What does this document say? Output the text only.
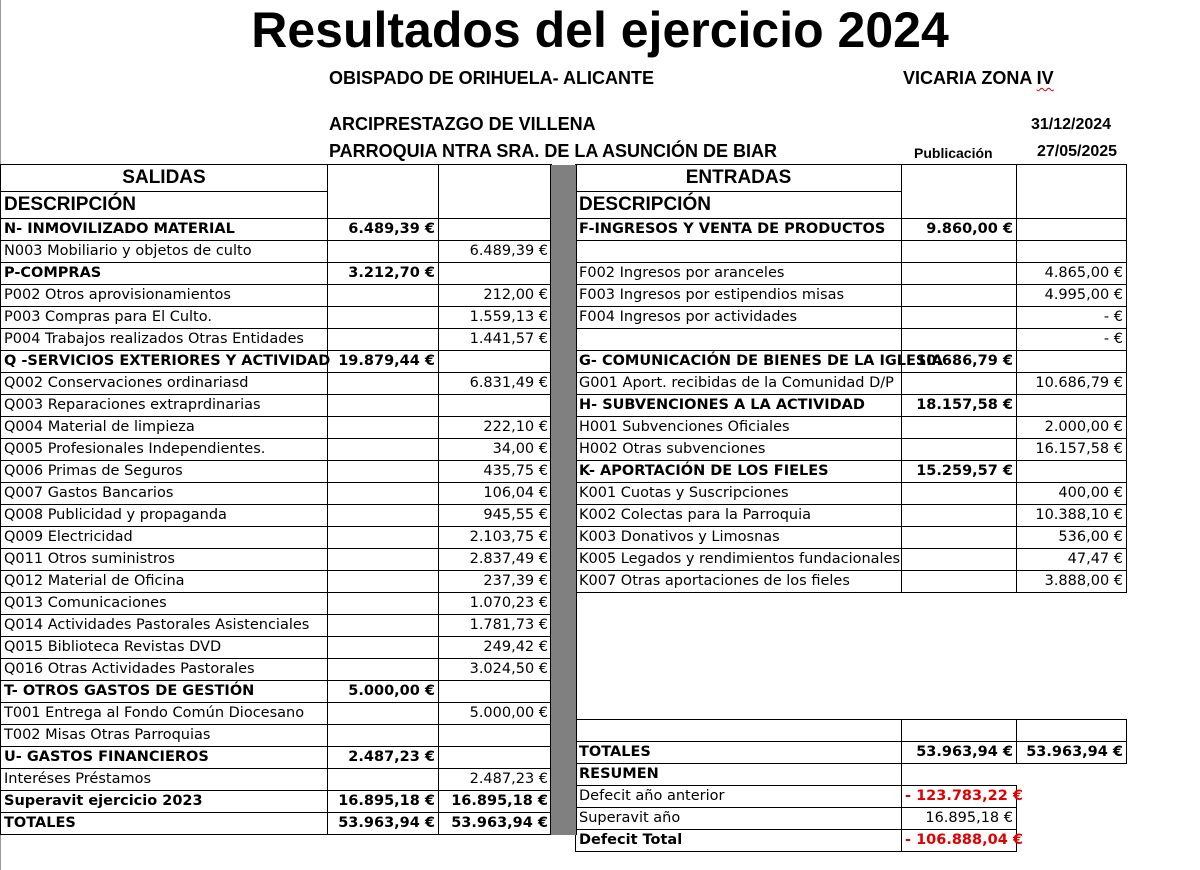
Resultados del ejercicio 2024
OBISPADO DE ORIHUELA- ALICANTE	VICARIA ZONA IV
ARCIPRESTAZGO DE VILLENA	31/12/2024
PARROQUIA NTRA SRA. DE LA ASUNCIÓN DE BIAR	Publicación	27/05/2025
SALIDAS		
DESCRIPCIÓN		
N- INMOVILIZADO MATERIAL	6.489,39 €	
N003 Mobiliario y objetos de culto		6.489,39 €
P-COMPRAS	3.212,70 €	
P002 Otros aprovisionamientos		212,00 €
P003 Compras para El Culto.		1.559,13 €
P004 Trabajos realizados Otras Entidades		1.441,57 €
Q -SERVICIOS EXTERIORES Y ACTIVIDAD	19.879,44 €	
Q002 Conservaciones ordinariasd		6.831,49 €
Q003 Reparaciones extraprdinarias		
Q004 Material de limpieza		222,10 €
Q005 Profesionales Independientes.		34,00 €
Q006 Primas de Seguros		435,75 €
Q007 Gastos Bancarios		106,04 €
Q008 Publicidad y propaganda		945,55 €
Q009 Electricidad		2.103,75 €
Q011 Otros suministros		2.837,49 €
Q012 Material de Oficina		237,39 €
Q013 Comunicaciones		1.070,23 €
Q014 Actividades Pastorales Asistenciales		1.781,73 €
Q015 Biblioteca Revistas DVD		249,42 €
Q016 Otras Actividades Pastorales		3.024,50 €
T- OTROS GASTOS DE GESTIÓN	5.000,00 €	
T001 Entrega al Fondo Común Diocesano		5.000,00 €
T002 Misas Otras Parroquias		
U- GASTOS FINANCIEROS	2.487,23 €	
Interéses Préstamos		2.487,23 €
Superavit ejercicio 2023	16.895,18 €	16.895,18 €
TOTALES	53.963,94 €	53.963,94 €
ENTRADAS		
DESCRIPCIÓN		
F-INGRESOS Y VENTA DE PRODUCTOS	9.860,00 €	

F002 Ingresos por aranceles		4.865,00 €
F003 Ingresos por estipendios misas		4.995,00 €
F004 Ingresos por actividades		- €
		- €
G- COMUNICACIÓN DE BIENES DE LA IGLESIA	10.686,79 €	
G001 Aport. recibidas de la Comunidad D/P		10.686,79 €
H- SUBVENCIONES A LA ACTIVIDAD	18.157,58 €	
H001 Subvenciones Oficiales		2.000,00 €
H002 Otras subvenciones		16.157,58 €
K- APORTACIÓN DE LOS FIELES	15.259,57 €	
K001 Cuotas y Suscripciones		400,00 €
K002 Colectas para la Parroquia		10.388,10 €
K003 Donativos y Limosnas		536,00 €
K005 Legados y rendimientos fundacionales		47,47 €
K007 Otras aportaciones de los fieles		3.888,00 €

TOTALES	53.963,94 €	53.963,94 €
RESUMEN		
Defecit año anterior	- 123.783,22 €	
Superavit año	16.895,18 €	
Defecit Total	- 106.888,04 €	
